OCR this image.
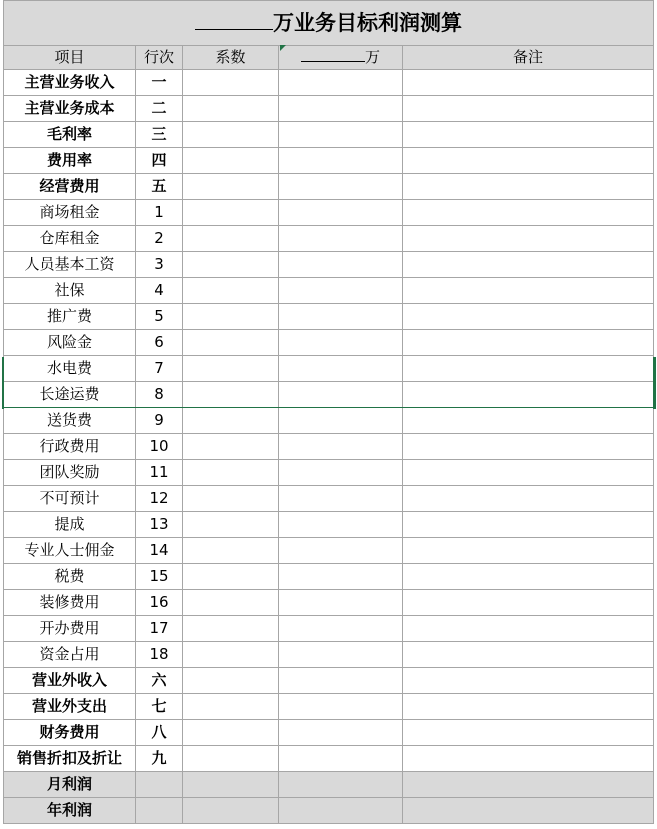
万业务目标利润测算				
项目	行次	系数	万	备注
主营业务收入	一			
主营业务成本	二			
毛利率	三			
费用率	四			
经营费用	五			
商场租金	1			
仓库租金	2			
人员基本工资	3			
社保	4			
推广费	5			
风险金	6			
水电费	7			
长途运费	8			
送货费	9			
行政费用	10			
团队奖励	11			
不可预计	12			
提成	13			
专业人士佣金	14			
税费	15			
装修费用	16			
开办费用	17			
资金占用	18			
营业外收入	六			
营业外支出	七			
财务费用	八			
销售折扣及折让	九			
月利润				
年利润				
